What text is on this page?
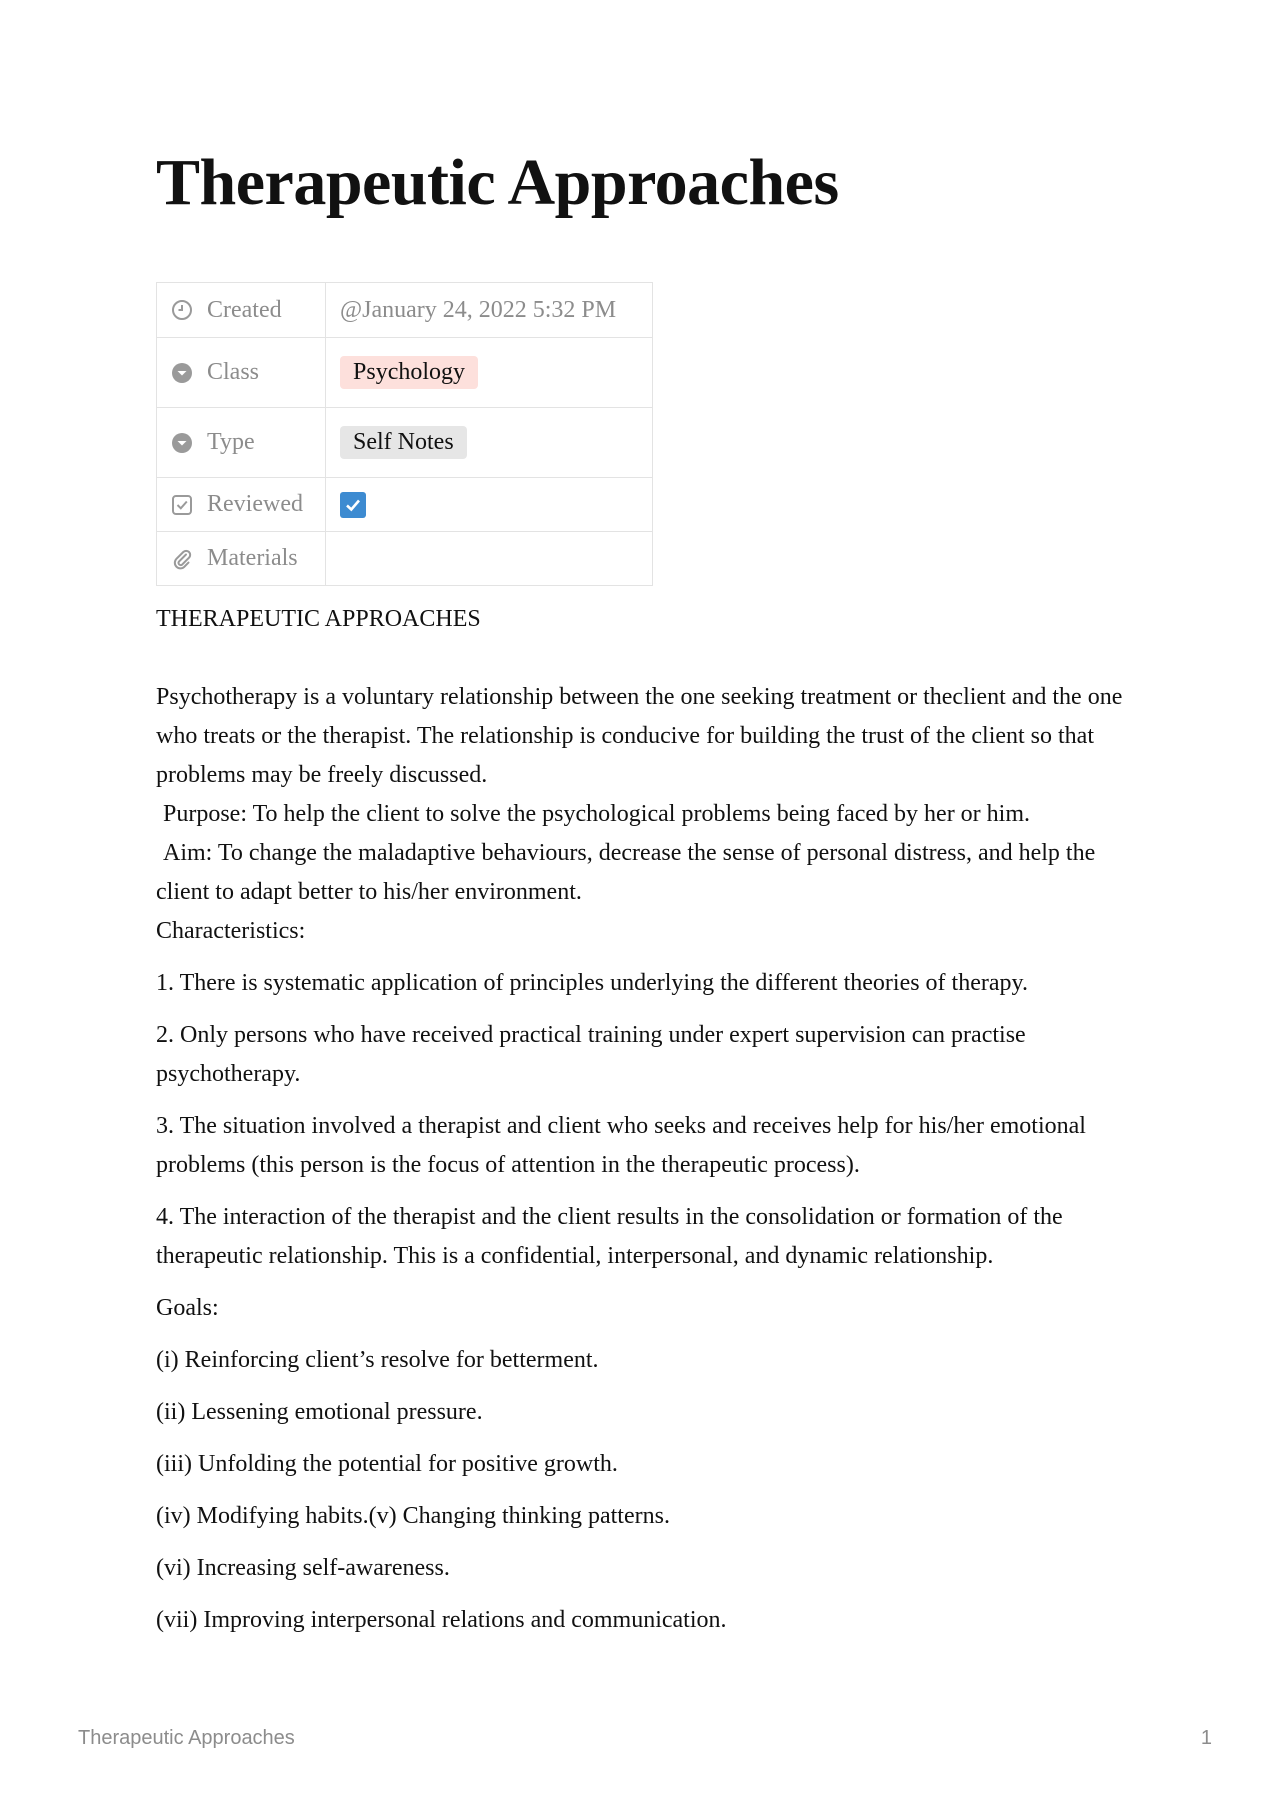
Therapeutic Approaches
Created	@January 24, 2022 5:32 PM

Class	Psychology

Type	Self Notes

Reviewed

Materials	

THERAPEUTIC APPROACHES

Psychotherapy is a voluntary relationship between the one seeking treatment or theclient and the one who treats or the therapist. The relationship is conducive for building the trust of the client so that problems may be freely discussed.

Purpose: To help the client to solve the psychological problems being faced by her or him.

Aim: To change the maladaptive behaviours, decrease the sense of personal distress, and help the client to adapt better to his/her environment.

Characteristics:

1. There is systematic application of principles underlying the different theories of therapy.

2. Only persons who have received practical training under expert supervision can practise psychotherapy.

3. The situation involved a therapist and client who seeks and receives help for his/her emotional problems (this person is the focus of attention in the therapeutic process).

4. The interaction of the therapist and the client results in the consolidation or formation of the therapeutic relationship. This is a confidential, interpersonal, and dynamic relationship.

Goals:

(i) Reinforcing client’s resolve for betterment.

(ii) Lessening emotional pressure.

(iii) Unfolding the potential for positive growth.

(iv) Modifying habits.(v) Changing thinking patterns.

(vi) Increasing self-awareness.

(vii) Improving interpersonal relations and communication.

Therapeutic Approaches	1
